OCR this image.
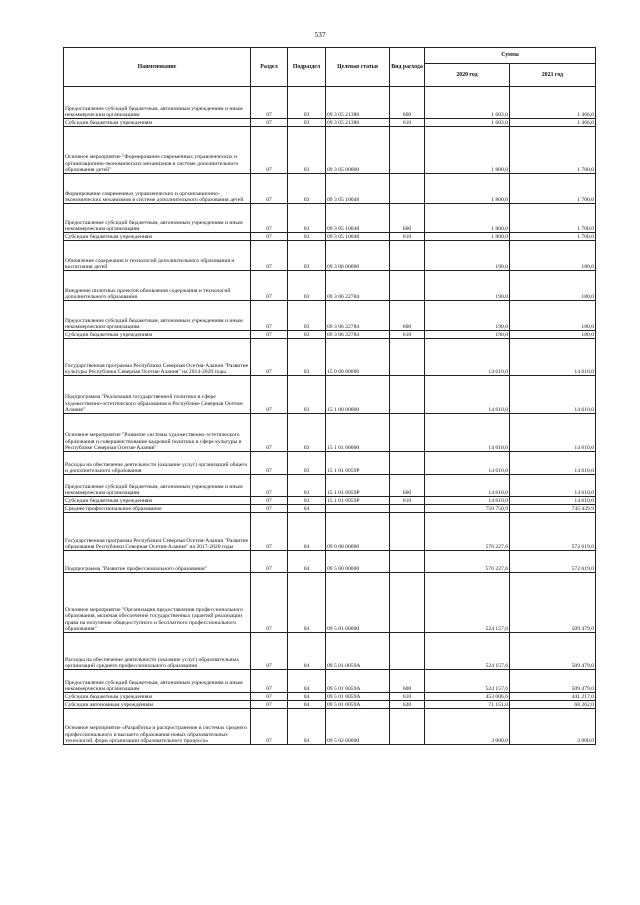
537
Наименование	Раздел	Подраздел	Целевая статья	Вид расхода	Сумма	
					2020 год	2021 год
Предоставление субсидий бюджетным, автономным учреждениям и иным некоммерческим организациям	07	03	09 3 05 21380	600	1 603,0	1 466,0
Субсидии бюджетным учреждениям	07	03	09 3 05 21380	610	1 603,0	1 466,0
Основное мероприятие "Формирование современных управленческих и организационно-экономических механизмов в системе дополнительного образования детей"	07	03	09 3 05 00000		1 800,0	1 700,0
Формирование современных управленческих и организационно-экономических механизмов в системе дополнительного образования детей	07	03	09 3 05 10048		1 800,0	1 700,0
Предоставление субсидий бюджетным, автономным учреждениям и иным некоммерческим организациям	07	03	09 3 05 10048	600	1 800,0	1 700,0
Субсидии бюджетным учреждениям	07	03	09 3 05 10048	610	1 800,0	1 700,0
Обновление содержания и технологий дополнительного образования и воспитания детей	07	03	09 3 06 00000		190,0	180,0
Внедрение пилотных проектов обновления содержания и технологий дополнительного образования	07	03	09 3 06 22784		190,0	180,0
Предоставление субсидий бюджетным, автономным учреждениям и иным некоммерческим организациям	07	03	09 3 06 22784	600	190,0	180,0
Субсидии бюджетным учреждениям	07	03	09 3 06 22784	610	190,0	180,0
Государственная программа Республики Северная Осетия-Алания "Развитие культуры Республики Северная Осетия-Алания" на 2014-2020 годы	07	03	15 0 00 00000		14 610,0	14 610,0
Подпрограмма "Реализация государственной политики в сфере художественно-эстетического образования в Республике Северная Осетия-Алания"	07	03	15 1 00 00000		14 610,0	14 610,0
Основное мероприятие "Развитие системы художественно-эстетического образования и совершенствование кадровой политики в сфере культуры в Республике Северная Осетия-Алания"	07	03	15 1 01 00000		14 610,0	14 610,0
Расходы на обеспечение деятельности (оказание услуг) организаций общего и дополнительного образования	07	03	15 1 01 0059Р		14 610,0	14 610,0
Предоставление субсидий бюджетным, автономным учреждениям и иным некоммерческим организациям	07	03	15 1 01 0059Р	600	14 610,0	14 610,0
Субсидии бюджетным учреждениям	07	03	15 1 01 0059Р	610	14 610,0	14 610,0
Среднее профессиональное образование	07	04			750 750,9	745 439,9
Государственная программа Республики Северная Осетия-Алания "Развитие образования Республики Северная Осетия-Алания" на 2017-2020 годы	07	04	09 0 00 00000		576 227,6	572 619,0
Подпрограмма "Развитие профессионального образования"	07	04	09 5 00 00000		576 227,6	572 619,0
Основное мероприятие "Организация предоставления профессионального образования, включая обеспечение государственных гарантий реализации права на получение общедоступного и бесплатного профессионального образования"	07	04	09 5 01 00000		524 157,6	509 479,0
Расходы на обеспечение деятельности (оказание услуг) образовательных организаций среднего профессионального образования	07	04	09 5 01 0059А		524 157,6	509 479,0
Предоставление субсидий бюджетным, автономным учреждениям и иным некоммерческим организациям	07	04	09 5 01 0059А	600	524 157,6	509 479,0
Субсидии бюджетным учреждениям	07	04	09 5 01 0059А	610	453 006,6	441 217,0
Субсидии автономным учреждениям	07	04	09 5 01 0059А	620	71 151,0	68 262,0
Основное мероприятие «Разработка и распространение в системах среднего профессионального и высшего образования новых образовательных технологий, форм организации образовательного процесса»	07	04	09 5 02 00000		3 000,0	3 000,0
